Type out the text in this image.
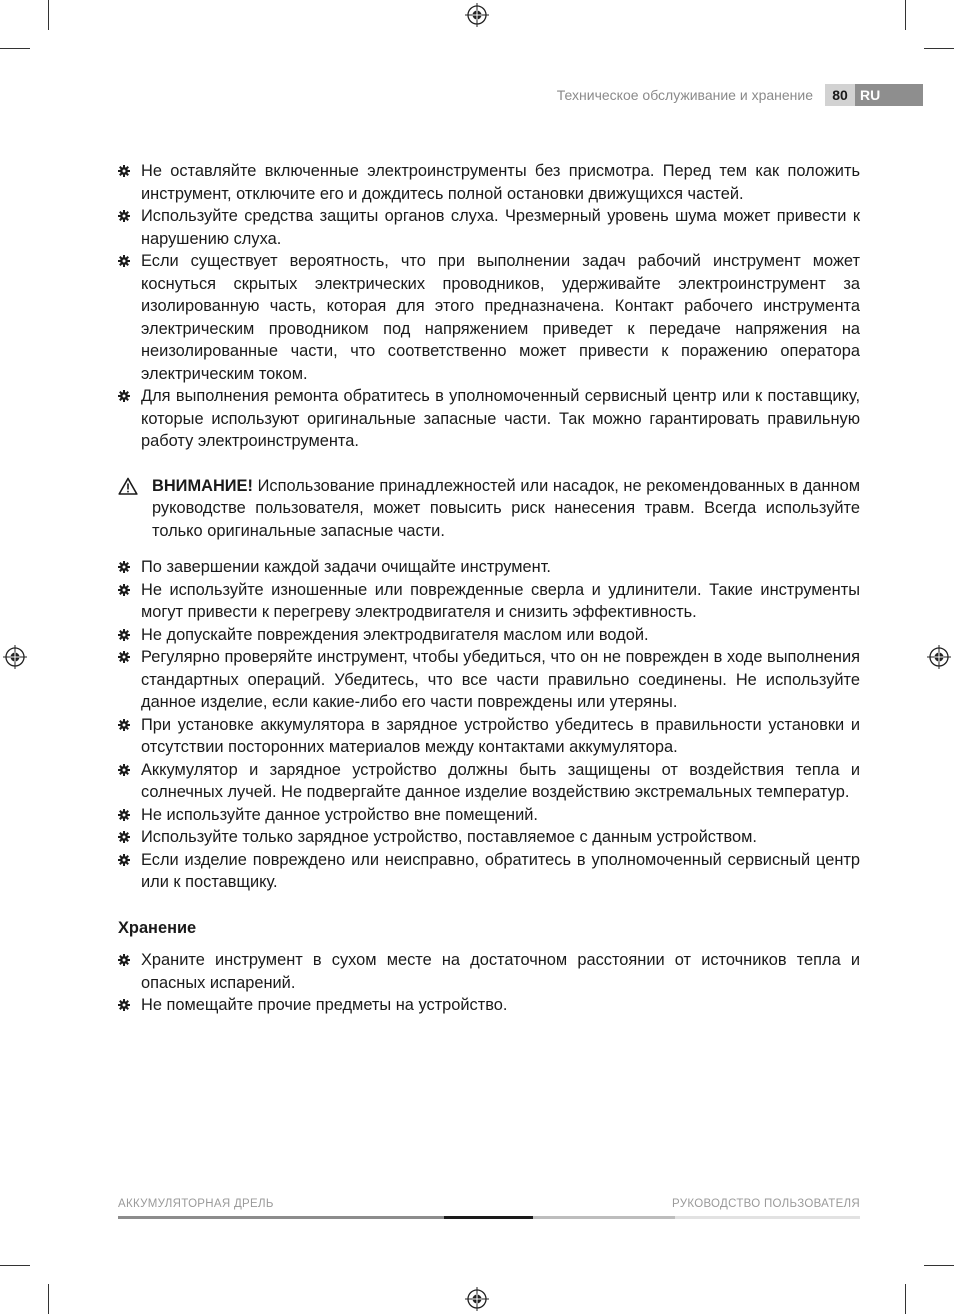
Техническое обслуживание и хранение	80 RU
Не оставляйте включенные электроинструменты без присмотра. Перед тем как положить инструмент, отключите его и дождитесь полной остановки движущихся частей.
Используйте средства защиты органов слуха. Чрезмерный уровень шума может привести к нарушению слуха.
Если существует вероятность, что при выполнении задач рабочий инструмент может коснуться скрытых электрических проводников, удерживайте электроинструмент за изолированную часть, которая для этого предназначена. Контакт рабочего инструмента электрическим проводником под напряжением приведет к передаче напряжения на неизолированные части, что соответственно может привести к поражению оператора электрическим током.
Для выполнения ремонта обратитесь в уполномоченный сервисный центр или к поставщику, которые используют оригинальные запасные части. Так можно гарантировать правильную работу электроинструмента.
ВНИМАНИЕ! Использование принадлежностей или насадок, не рекомендованных в данном руководстве пользователя, может повысить риск нанесения травм. Всегда используйте только оригинальные запасные части.
По завершении каждой задачи очищайте инструмент.
Не используйте изношенные или поврежденные сверла и удлинители. Такие инструменты могут привести к перегреву электродвигателя и снизить эффективность.
Не допускайте повреждения электродвигателя маслом или водой.
Регулярно проверяйте инструмент, чтобы убедиться, что он не поврежден в ходе выполнения стандартных операций. Убедитесь, что все части правильно соединены. Не используйте данное изделие, если какие-либо его части повреждены или утеряны.
При установке аккумулятора в зарядное устройство убедитесь в правильности установки и отсутствии посторонних материалов между контактами аккумулятора.
Аккумулятор и зарядное устройство должны быть защищены от воздействия тепла и солнечных лучей. Не подвергайте данное изделие воздействию экстремальных температур.
Не используйте данное устройство вне помещений.
Используйте только зарядное устройство, поставляемое с данным устройством.
Если изделие повреждено или неисправно, обратитесь в уполномоченный сервисный центр или к поставщику.
Хранение
Храните инструмент в сухом месте на достаточном расстоянии от источников тепла и опасных испарений.
Не помещайте прочие предметы на устройство.
АККУМУЛЯТОРНАЯ ДРЕЛЬ	РУКОВОДСТВО ПОЛЬЗОВАТЕЛЯ
